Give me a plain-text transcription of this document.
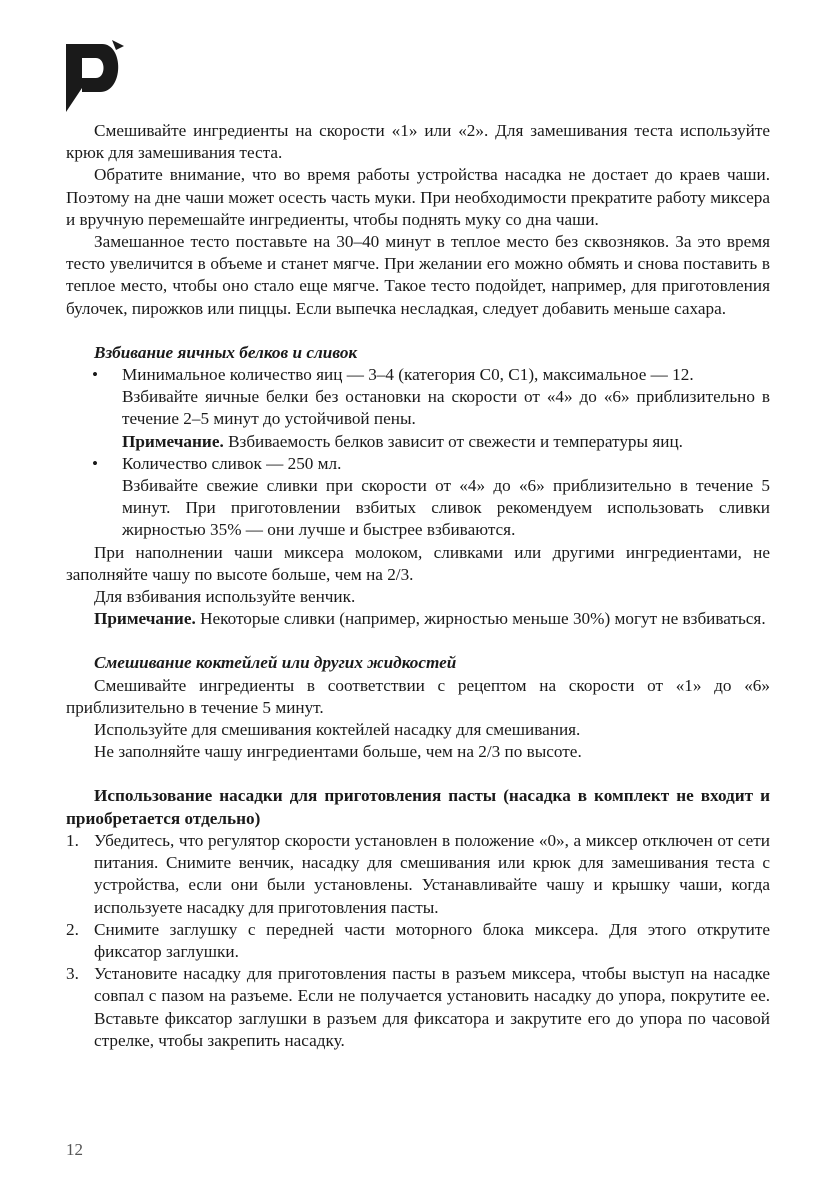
Смешивайте ингредиенты на скорости «1» или «2». Для замешивания теста используйте крюк для замешивания теста.

Обратите внимание, что во время работы устройства насадка не достает до краев чаши. Поэтому на дне чаши может осесть часть муки. При необходимости прекратите работу миксера и вручную перемешайте ингредиенты, чтобы поднять муку со дна чаши.

Замешанное тесто поставьте на 30–40 минут в теплое место без сквозняков. За это время тесто увеличится в объеме и станет мягче. При желании его можно обмять и снова поставить в теплое место, чтобы оно стало еще мягче. Такое тесто подойдет, например, для приготовления булочек, пирожков или пиццы. Если выпечка несладкая, следует добавить меньше сахара.

Взбивание яичных белков и сливок

•	Минимальное количество яиц — 3–4 (категория С0, С1), максимальное — 12.

Взбивайте яичные белки без остановки на скорости от «4» до «6» приблизительно в течение 2–5 минут до устойчивой пены.

Примечание. Взбиваемость белков зависит от свежести и температуры яиц.

•	Количество сливок — 250 мл.

Взбивайте свежие сливки при скорости от «4» до «6» приблизительно в течение 5 минут. При приготовлении взбитых сливок рекомендуем использовать сливки жирностью 35% — они лучше и быстрее взбиваются.

При наполнении чаши миксера молоком, сливками или другими ингредиентами, не заполняйте чашу по высоте больше, чем на 2/3.

Для взбивания используйте венчик.

Примечание. Некоторые сливки (например, жирностью меньше 30%) могут не взбиваться.

Смешивание коктейлей или других жидкостей

Смешивайте ингредиенты в соответствии с рецептом на скорости от «1» до «6» приблизительно в течение 5 минут.

Используйте для смешивания коктейлей насадку для смешивания.

Не заполняйте чашу ингредиентами больше, чем на 2/3 по высоте.

Использование насадки для приготовления пасты (насадка в комплект не входит и приобретается отдельно)

1. Убедитесь, что регулятор скорости установлен в положение «0», а миксер отключен от сети питания. Снимите венчик, насадку для смешивания или крюк для замешивания теста с устройства, если они были установлены. Устанавливайте чашу и крышку чаши, когда используете насадку для приготовления пасты.
2. Снимите заглушку с передней части моторного блока миксера. Для этого открутите фиксатор заглушки.
3. Установите насадку для приготовления пасты в разъем миксера, чтобы выступ на насадке совпал с пазом на разъеме. Если не получается установить насадку до упора, покрутите ее. Вставьте фиксатор заглушки в разъем для фиксатора и закрутите его до упора по часовой стрелке, чтобы закрепить насадку.
12
